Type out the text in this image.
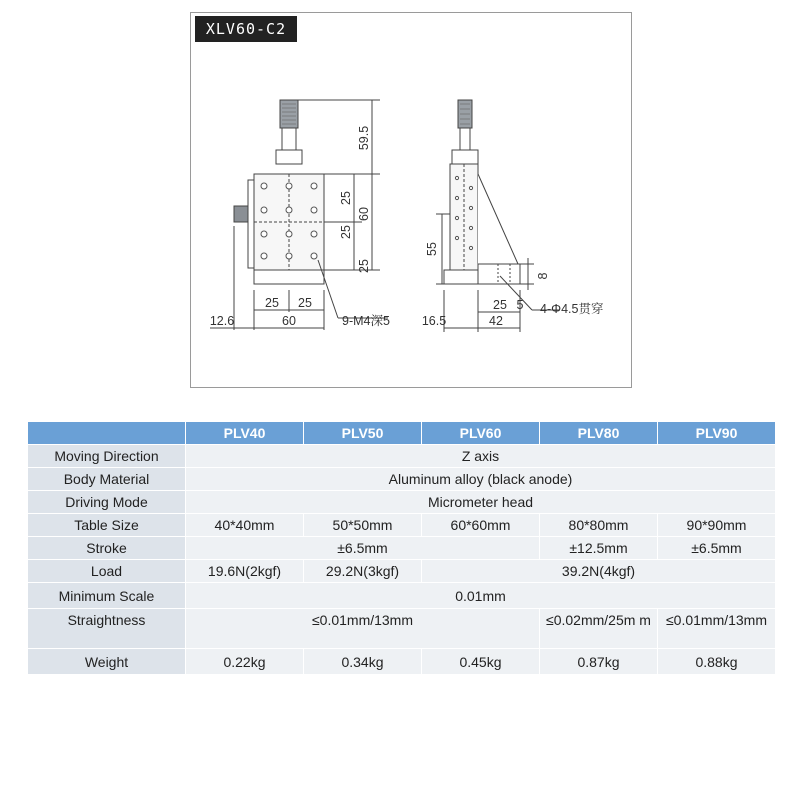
59.5
60
25
25
25
25 25
60
12.6	9-M4深5
55
8
25 5 4-Φ4.5贯穿
16.5	42
XLV60-C2
	PLV40	PLV50	PLV60	PLV80	PLV90
Moving Direction	Z axis				
Body Material	Aluminum alloy (black anode)				
Driving Mode	Micrometer head				
Table Size	40*40mm	50*50mm	60*60mm	80*80mm	90*90mm
Stroke	±6.5mm			±12.5mm	±6.5mm
Load	19.6N(2kgf)	29.2N(3kgf)	39.2N(4kgf)		
Minimum Scale	0.01mm				
Straightness	≤0.01mm/13mm			≤0.02mm/25m m	≤0.01mm/13mm
Weight	0.22kg	0.34kg	0.45kg	0.87kg	0.88kg
